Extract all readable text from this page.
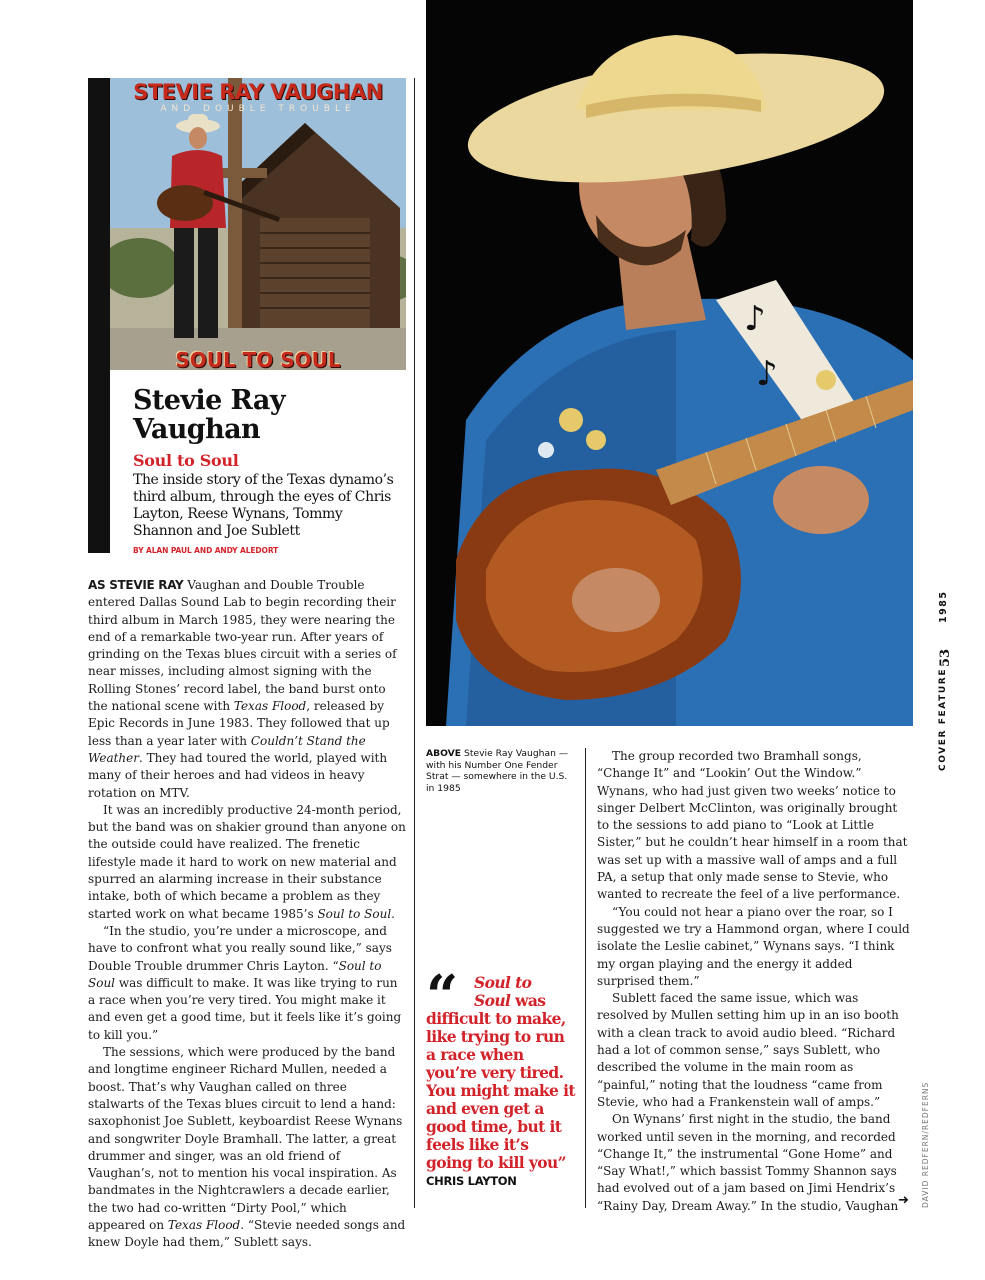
STEVIE RAY VAUGHAN
AND DOUBLE TROUBLE
SOUL TO SOUL
Stevie Ray Vaughan
Soul to Soul
The inside story of the Texas dynamo’s third album, through the eyes of Chris Layton, Reese Wynans, Tommy Shannon and Joe Sublett
BY ALAN PAUL AND ANDY ALEDORT

AS STEVIE RAY Vaughan and Double Trouble entered Dallas Sound Lab to begin recording their third album in March 1985, they were nearing the end of a remarkable two-year run. After years of grinding on the Texas blues circuit with a series of near misses, including almost signing with the Rolling Stones’ record label, the band burst onto the national scene with Texas Flood, released by Epic Records in June 1983. They followed that up less than a year later with Couldn’t Stand the Weather. They had toured the world, played with many of their heroes and had videos in heavy rotation on MTV.

It was an incredibly productive 24-month period, but the band was on shakier ground than anyone on the outside could have realized. The frenetic lifestyle made it hard to work on new material and spurred an alarming increase in their substance intake, both of which became a problem as they started work on what became 1985’s Soul to Soul.

“In the studio, you’re under a microscope, and have to confront what you really sound like,” says Double Trouble drummer Chris Layton. “Soul to Soul was difficult to make. It was like trying to run a race when you’re very tired. You might make it and even get a good time, but it feels like it’s going to kill you.”

The sessions, which were produced by the band and longtime engineer Richard Mullen, needed a boost. That’s why Vaughan called on three stalwarts of the Texas blues circuit to lend a hand: saxophonist Joe Sublett, keyboardist Reese Wynans and songwriter Doyle Bramhall. The latter, a great drummer and singer, was an old friend of Vaughan’s, not to mention his vocal inspiration. As bandmates in the Nightcrawlers a decade earlier, the two had co-written “Dirty Pool,” which appeared on Texas Flood. “Stevie needed songs and knew Doyle had them,” Sublett says.

♪
♪
ABOVE Stevie Ray Vaughan — with his Number One Fender Strat — somewhere in the U.S. in 1985
“	Soul to
Soul was difficult to make, like trying to run a race when you’re very tired. You might make it and even get a good time, but it feels like it’s going to kill you”
CHRIS LAYTON

The group recorded two Bramhall songs, “Change It” and “Lookin’ Out the Window.” Wynans, who had just given two weeks’ notice to singer Delbert McClinton, was originally brought to the sessions to add piano to “Look at Little Sister,” but he couldn’t hear himself in a room that was set up with a massive wall of amps and a full PA, a setup that only made sense to Stevie, who wanted to recreate the feel of a live performance.

“You could not hear a piano over the roar, so I suggested we try a Hammond organ, where I could isolate the Leslie cabinet,” Wynans says. “I think my organ playing and the energy it added surprised them.”

Sublett faced the same issue, which was resolved by Mullen setting him up in an iso booth with a clean track to avoid audio bleed. “Richard had a lot of common sense,” says Sublett, who described the volume in the main room as “painful,” noting that the loudness “came from Stevie, who had a Frankenstein wall of amps.”

On Wynans’ first night in the studio, the band worked until seven in the morning, and recorded “Change It,” the instrumental “Gone Home” and “Say What!,” which bassist Tommy Shannon says had evolved out of a jam based on Jimi Hendrix’s “Rainy Day, Dream Away.” In the studio, Vaughan

1985
53
COVER FEATURE
DAVID REDFERN/REDFERNS
➜
